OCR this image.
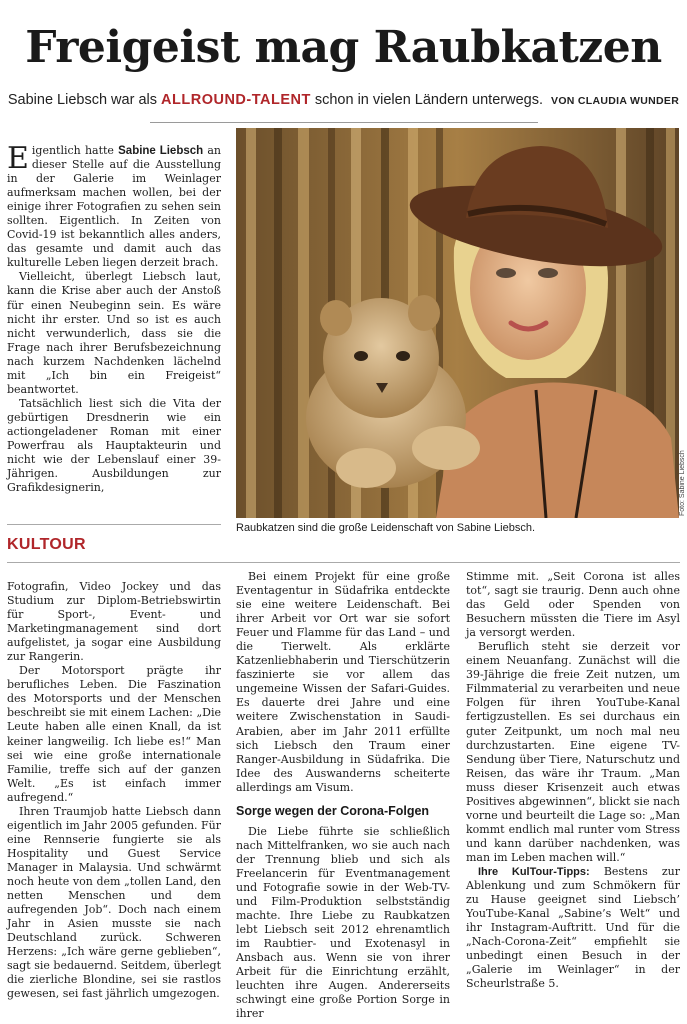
Freigeist mag Raubkatzen
Sabine Liebsch war als ALLROUND-TALENT schon in vielen Ländern unterwegs. VON CLAUDIA WUNDER

Eigentlich hatte Sabine Liebsch an dieser Stelle auf die Ausstellung in der Galerie im Weinlager aufmerksam machen wollen, bei der einige ihrer Fotografien zu sehen sein sollten. Eigentlich. In Zeiten von Covid-19 ist bekanntlich alles anders, das gesamte und damit auch das kulturelle Leben liegen derzeit brach.

Vielleicht, überlegt Liebsch laut, kann die Krise aber auch der Anstoß für einen Neubeginn sein. Es wäre nicht ihr erster. Und so ist es auch nicht verwunderlich, dass sie die Frage nach ihrer Berufsbezeichnung nach kurzem Nachdenken lächelnd mit „Ich bin ein Freigeist“ beantwortet.

Tatsächlich liest sich die Vita der gebürtigen Dresdnerin wie ein actiongeladener Roman mit einer Powerfrau als Hauptakteurin und nicht wie der Lebenslauf einer 39-Jährigen. Ausbildungen zur Grafikdesignerin,	Foto: Sabine Liebsch
Raubkatzen sind die große Leidenschaft von Sabine Liebsch.
KULTOUR

Fotografin, Video Jockey und das Studium zur Diplom-Betriebswirtin für Sport-, Event- und Marketingmanagement sind dort aufgelistet, ja sogar eine Ausbildung zur Rangerin.

Der Motorsport prägte ihr berufliches Leben. Die Faszination des Motorsports und der Menschen beschreibt sie mit einem Lachen: „Die Leute haben alle einen Knall, da ist keiner langweilig. Ich liebe es!“ Man sei wie eine große internationale Familie, treffe sich auf der ganzen Welt. „Es ist einfach immer aufregend.“

Ihren Traumjob hatte Liebsch dann eigentlich im Jahr 2005 gefunden. Für eine Rennserie fungierte sie als Hospitality und Guest Service Manager in Malaysia. Und schwärmt noch heute von dem „tollen Land, den netten Menschen und dem aufregenden Job“. Doch nach einem Jahr in Asien musste sie nach Deutschland zurück. Schweren Herzens: „Ich wäre gerne geblieben“, sagt sie bedauernd. Seitdem, überlegt die zierliche Blondine, sei sie rastlos gewesen, sei fast jährlich umgezogen.

Bei einem Projekt für eine große Eventagentur in Südafrika entdeckte sie eine weitere Leidenschaft. Bei ihrer Arbeit vor Ort war sie sofort Feuer und Flamme für das Land – und die Tierwelt. Als erklärte Katzenliebhaberin und Tierschützerin faszinierte sie vor allem das ungemeine Wissen der Safari-Guides. Es dauerte drei Jahre und eine weitere Zwischenstation in Saudi-Arabien, aber im Jahr 2011 erfüllte sich Liebsch den Traum einer Ranger-Ausbildung in Südafrika. Die Idee des Auswanderns scheiterte allerdings am Visum.

Sorge wegen der Corona-Folgen

Die Liebe führte sie schließlich nach Mittelfranken, wo sie auch nach der Trennung blieb und sich als Freelancerin für Eventmanagement und Fotografie sowie in der Web-TV- und Film-Produktion selbstständig machte. Ihre Liebe zu Raubkatzen lebt Liebsch seit 2012 ehrenamtlich im Raubtier- und Exotenasyl in Ansbach aus. Wenn sie von ihrer Arbeit für die Einrichtung erzählt, leuchten ihre Augen. Andererseits schwingt eine große Portion Sorge in ihrer

Stimme mit. „Seit Corona ist alles tot“, sagt sie traurig. Denn auch ohne das Geld oder Spenden von Besuchern müssten die Tiere im Asyl ja versorgt werden.

Beruflich steht sie derzeit vor einem Neuanfang. Zunächst will die 39-Jährige die freie Zeit nutzen, um Filmmaterial zu verarbeiten und neue Folgen für ihren YouTube-Kanal fertigzustellen. Es sei durchaus ein guter Zeitpunkt, um noch mal neu durchzustarten. Eine eigene TV-Sendung über Tiere, Naturschutz und Reisen, das wäre ihr Traum. „Man muss dieser Krisenzeit auch etwas Positives abgewinnen“, blickt sie nach vorne und beurteilt die Lage so: „Man kommt endlich mal runter vom Stress und kann darüber nachdenken, was man im Leben machen will.“

Ihre KulTour-Tipps: Bestens zur Ablenkung und zum Schmökern für zu Hause geeignet sind Liebsch’ YouTube-Kanal „Sabine’s Welt“ und ihr Instagram-Auftritt. Und für die „Nach-Corona-Zeit“ empfiehlt sie unbedingt einen Besuch in der „Galerie im Weinlager“ in der Scheurlstraße 5.
